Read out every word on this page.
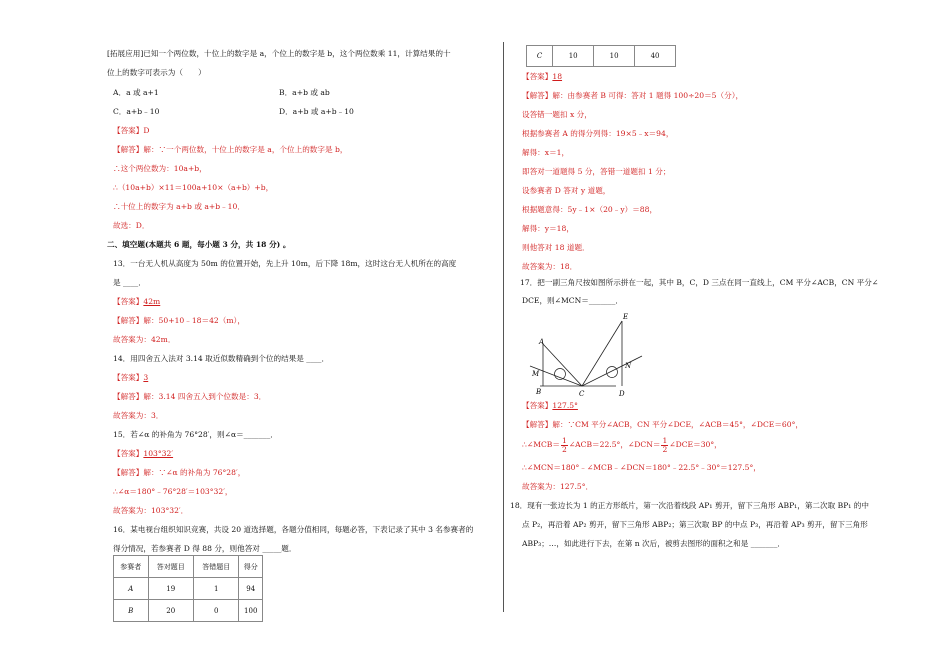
[拓展应用]已知一个两位数，十位上的数字是 a，个位上的数字是 b，这个两位数乘 11，计算结果的十
位上的数字可表示为（　　）
A．a 或 a+1	B．a+b 或 ab
C．a+b﹣10	D．a+b 或 a+b﹣10
【答案】D
【解答】解：∵一个两位数，十位上的数字是 a，个位上的数字是 b，
∴这个两位数为：10a+b，
∴（10a+b）×11＝100a+10×（a+b）+b，
∴十位上的数字为 a+b 或 a+b﹣10．
故选：D．
二、填空题(本题共 6 题，每小题 3 分，共 18 分) 。
13．一台无人机从高度为 50m 的位置开始，先上升 10m，后下降 18m，这时这台无人机所在的高度
是 ____．
【答案】42m
【解答】解：50+10﹣18＝42（m），
故答案为：42m．
14．用四舍五入法对 3.14 取近似数精确到个位的结果是 ____．
【答案】3
【解答】解：3.14 四舍五入到个位数是：3．
故答案为：3．
15．若∠α 的补角为 76°28′，则∠α＝_______．
【答案】103°32′
【解答】解：∵∠α 的补角为 76°28′，
∴∠α＝180°﹣76°28′＝103°32′，
故答案为：103°32′．
16．某电视台组织知识竞赛，共设 20 道选择题，各题分值相同，每题必答，下表记录了其中 3 名参赛者的
得分情况，若参赛者 D 得 88 分，则他答对 _____题．
参赛者	答对题目	答错题目	得分
A	19	1	94
B	20	0	100
C	10	10	40
【答案】18
【解答】解：由参赛者 B 可得：答对 1 题得 100÷20＝5（分），
设答错一题扣 x 分，
根据参赛者 A 的得分列得：19×5﹣x＝94，
解得：x＝1，
即答对一道题得 5 分，答错一道题扣 1 分；
设参赛者 D 答对 y 道题，
根据题意得：5y﹣1×（20﹣y）＝88，
解得：y＝18，
则他答对 18 道题．
故答案为：18．
17．把一副三角尺按如图所示拼在一起，其中 B，C，D 三点在同一直线上，CM 平分∠ACB，CN 平分∠
DCE，则∠MCN＝_______．
A
E
M
N
B	C	D
【答案】127.5°
【解答】解：∵CM 平分∠ACB，CN 平分∠DCE，∠ACB＝45°，∠DCE＝60°，
∴∠MCB＝ $\frac{1}{2}$ ∠ACB＝22.5°，∠DCN＝ $\frac{1}{2}$ ∠DCE＝30°，
∴∠MCN＝180°﹣∠MCB﹣∠DCN＝180°﹣22.5°﹣30°＝127.5°，
故答案为：127.5°．
18．现有一张边长为 1 的正方形纸片，第一次沿着线段 AP₁ 剪开，留下三角形 ABP₁，第二次取 BP₁ 的中
点 P₂，再沿着 AP₂ 剪开，留下三角形 ABP₂；第三次取 BP 的中点 P₃，再沿着 AP₃ 剪开，留下三角形
ABP₃；…，如此进行下去，在第 n 次后，被剪去图形的面积之和是 _______．
